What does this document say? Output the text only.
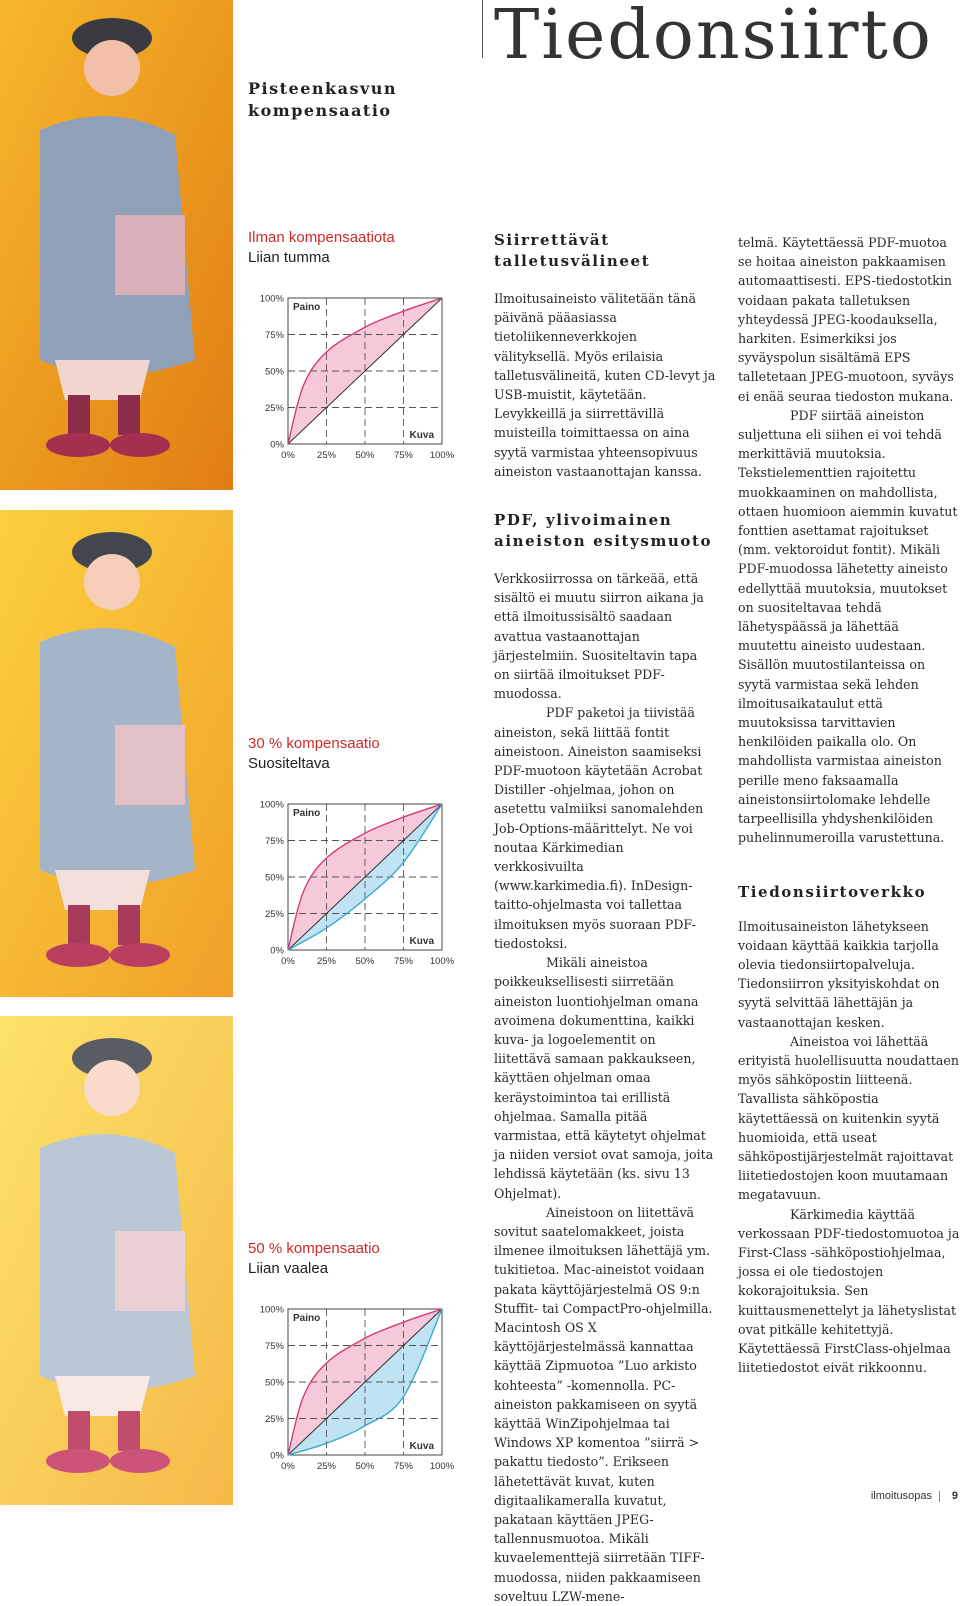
Tiedonsiirto
Pisteenkasvun kompensaatio
Ilman kompensaatiota
Liian tumma
0%
25%
50%
75%
100%
0% 25% 50% 75% 100%
Paino
Kuva
30 % kompensaatio
Suositeltava
0%
25%
50%
75%
100%
0% 25% 50% 75% 100%
Paino
Kuva
50 % kompensaatio
Liian vaalea
0%
25%
50%
75%
100%
0% 25% 50% 75% 100%
Paino
Kuva
Siirrettävät talletusvälineet

Ilmoitusaineisto välitetään tänä päivänä pääasiassa tietoliikenneverkkojen välityksellä. Myös erilaisia talletusvälineitä, kuten CD-levyt ja USB-muistit, käytetään. Levykkeillä ja siirrettävillä muisteilla toimittaessa on aina syytä varmistaa yhteensopivuus aineiston vastaanottajan kanssa.

PDF, ylivoimainen aineiston esitysmuoto

Verkkosiirrossa on tärkeää, että sisältö ei muutu siirron aikana ja että ilmoitussisältö saadaan avattua vastaanottajan järjestelmiin. Suositeltavin tapa on siirtää ilmoitukset PDF-muodossa.

PDF paketoi ja tiivistää aineiston, sekä liittää fontit aineistoon. Aineiston saamiseksi PDF-muotoon käytetään Acrobat Distiller -ohjelmaa, johon on asetettu valmiiksi sanomalehden Job-Options-määrittelyt. Ne voi noutaa Kärkimedian verkkosivuilta (www.karkimedia.fi). InDesign-taitto-ohjelmasta voi tallettaa ilmoituksen myös suoraan PDF-tiedostoksi.

Mikäli aineistoa poikkeuksellisesti siirretään aineiston luontiohjelman omana avoimena dokumenttina, kaikki kuva- ja logoelementit on liitettävä samaan pakkaukseen, käyttäen ohjelman omaa keräystoimintoa tai erillistä ohjelmaa. Samalla pitää varmistaa, että käytetyt ohjelmat ja niiden versiot ovat samoja, joita lehdissä käytetään (ks. sivu 13 Ohjelmat).

Aineistoon on liitettävä sovitut saatelomakkeet, joista ilmenee ilmoituksen lähettäjä ym. tukitietoa. Mac-aineistot voidaan pakata käyttöjärjestelmä OS 9:n Stuffit- tai CompactPro-ohjelmilla. Macintosh OS X käyttöjärjestelmässä kannattaa käyttää Zipmuotoa ”Luo arkisto kohteesta” -komennolla. PC-aineiston pakkamiseen on syytä käyttää WinZipohjelmaa tai Windows XP komentoa ”siirrä > pakattu tiedosto”. Erikseen lähetettävät kuvat, kuten digitaalikameralla kuvatut, pakataan käyttäen JPEG-tallennusmuotoa. Mikäli kuvaelementtejä siirretään TIFF-muodossa, niiden pakkaamiseen soveltuu LZW-mene-

telmä. Käytettäessä PDF-muotoa se hoitaa aineiston pakkaamisen automaattisesti. EPS-tiedostotkin voidaan pakata talletuksen yhteydessä JPEG-koodauksella, harkiten. Esimerkiksi jos syväyspolun sisältämä EPS talletetaan JPEG-muotoon, syväys ei enää seuraa tiedoston mukana.

PDF siirtää aineiston suljettuna eli siihen ei voi tehdä merkittäviä muutoksia. Tekstielementtien rajoitettu muokkaaminen on mahdollista, ottaen huomioon aiemmin kuvatut fonttien asettamat rajoitukset (mm. vektoroidut fontit). Mikäli PDF-muodossa lähetetty aineisto edellyttää muutoksia, muutokset on suositeltavaa tehdä lähetyspäässä ja lähettää muutettu aineisto uudestaan. Sisällön muutostilanteissa on syytä varmistaa sekä lehden ilmoitusaikataulut että muutoksissa tarvittavien henkilöiden paikalla olo. On mahdollista varmistaa aineiston perille meno faksaamalla aineistonsiirtolomake lehdelle tarpeellisilla yhdyshenkilöiden puhelinnumeroilla varustettuna.

Tiedonsiirtoverkko

Ilmoitusaineiston lähetykseen voidaan käyttää kaikkia tarjolla olevia tiedonsiirtopalveluja. Tiedonsiirron yksityiskohdat on syytä selvittää lähettäjän ja vastaanottajan kesken.

Aineistoa voi lähettää erityistä huolellisuutta noudattaen myös sähköpostin liitteenä. Tavallista sähköpostia käytettäessä on kuitenkin syytä huomioida, että useat sähköpostijärjestelmät rajoittavat liitetiedostojen koon muutamaan megatavuun.

Kärkimedia käyttää verkossaan PDF-tiedostomuotoa ja First-Class -sähköpostiohjelmaa, jossa ei ole tiedostojen kokorajoituksia. Sen kuittausmenettelyt ja lähetyslistat ovat pitkälle kehitettyjä. Käytettäessä FirstClass-ohjelmaa liitetiedostot eivät rikkoonnu.

ilmoitusopas 9
